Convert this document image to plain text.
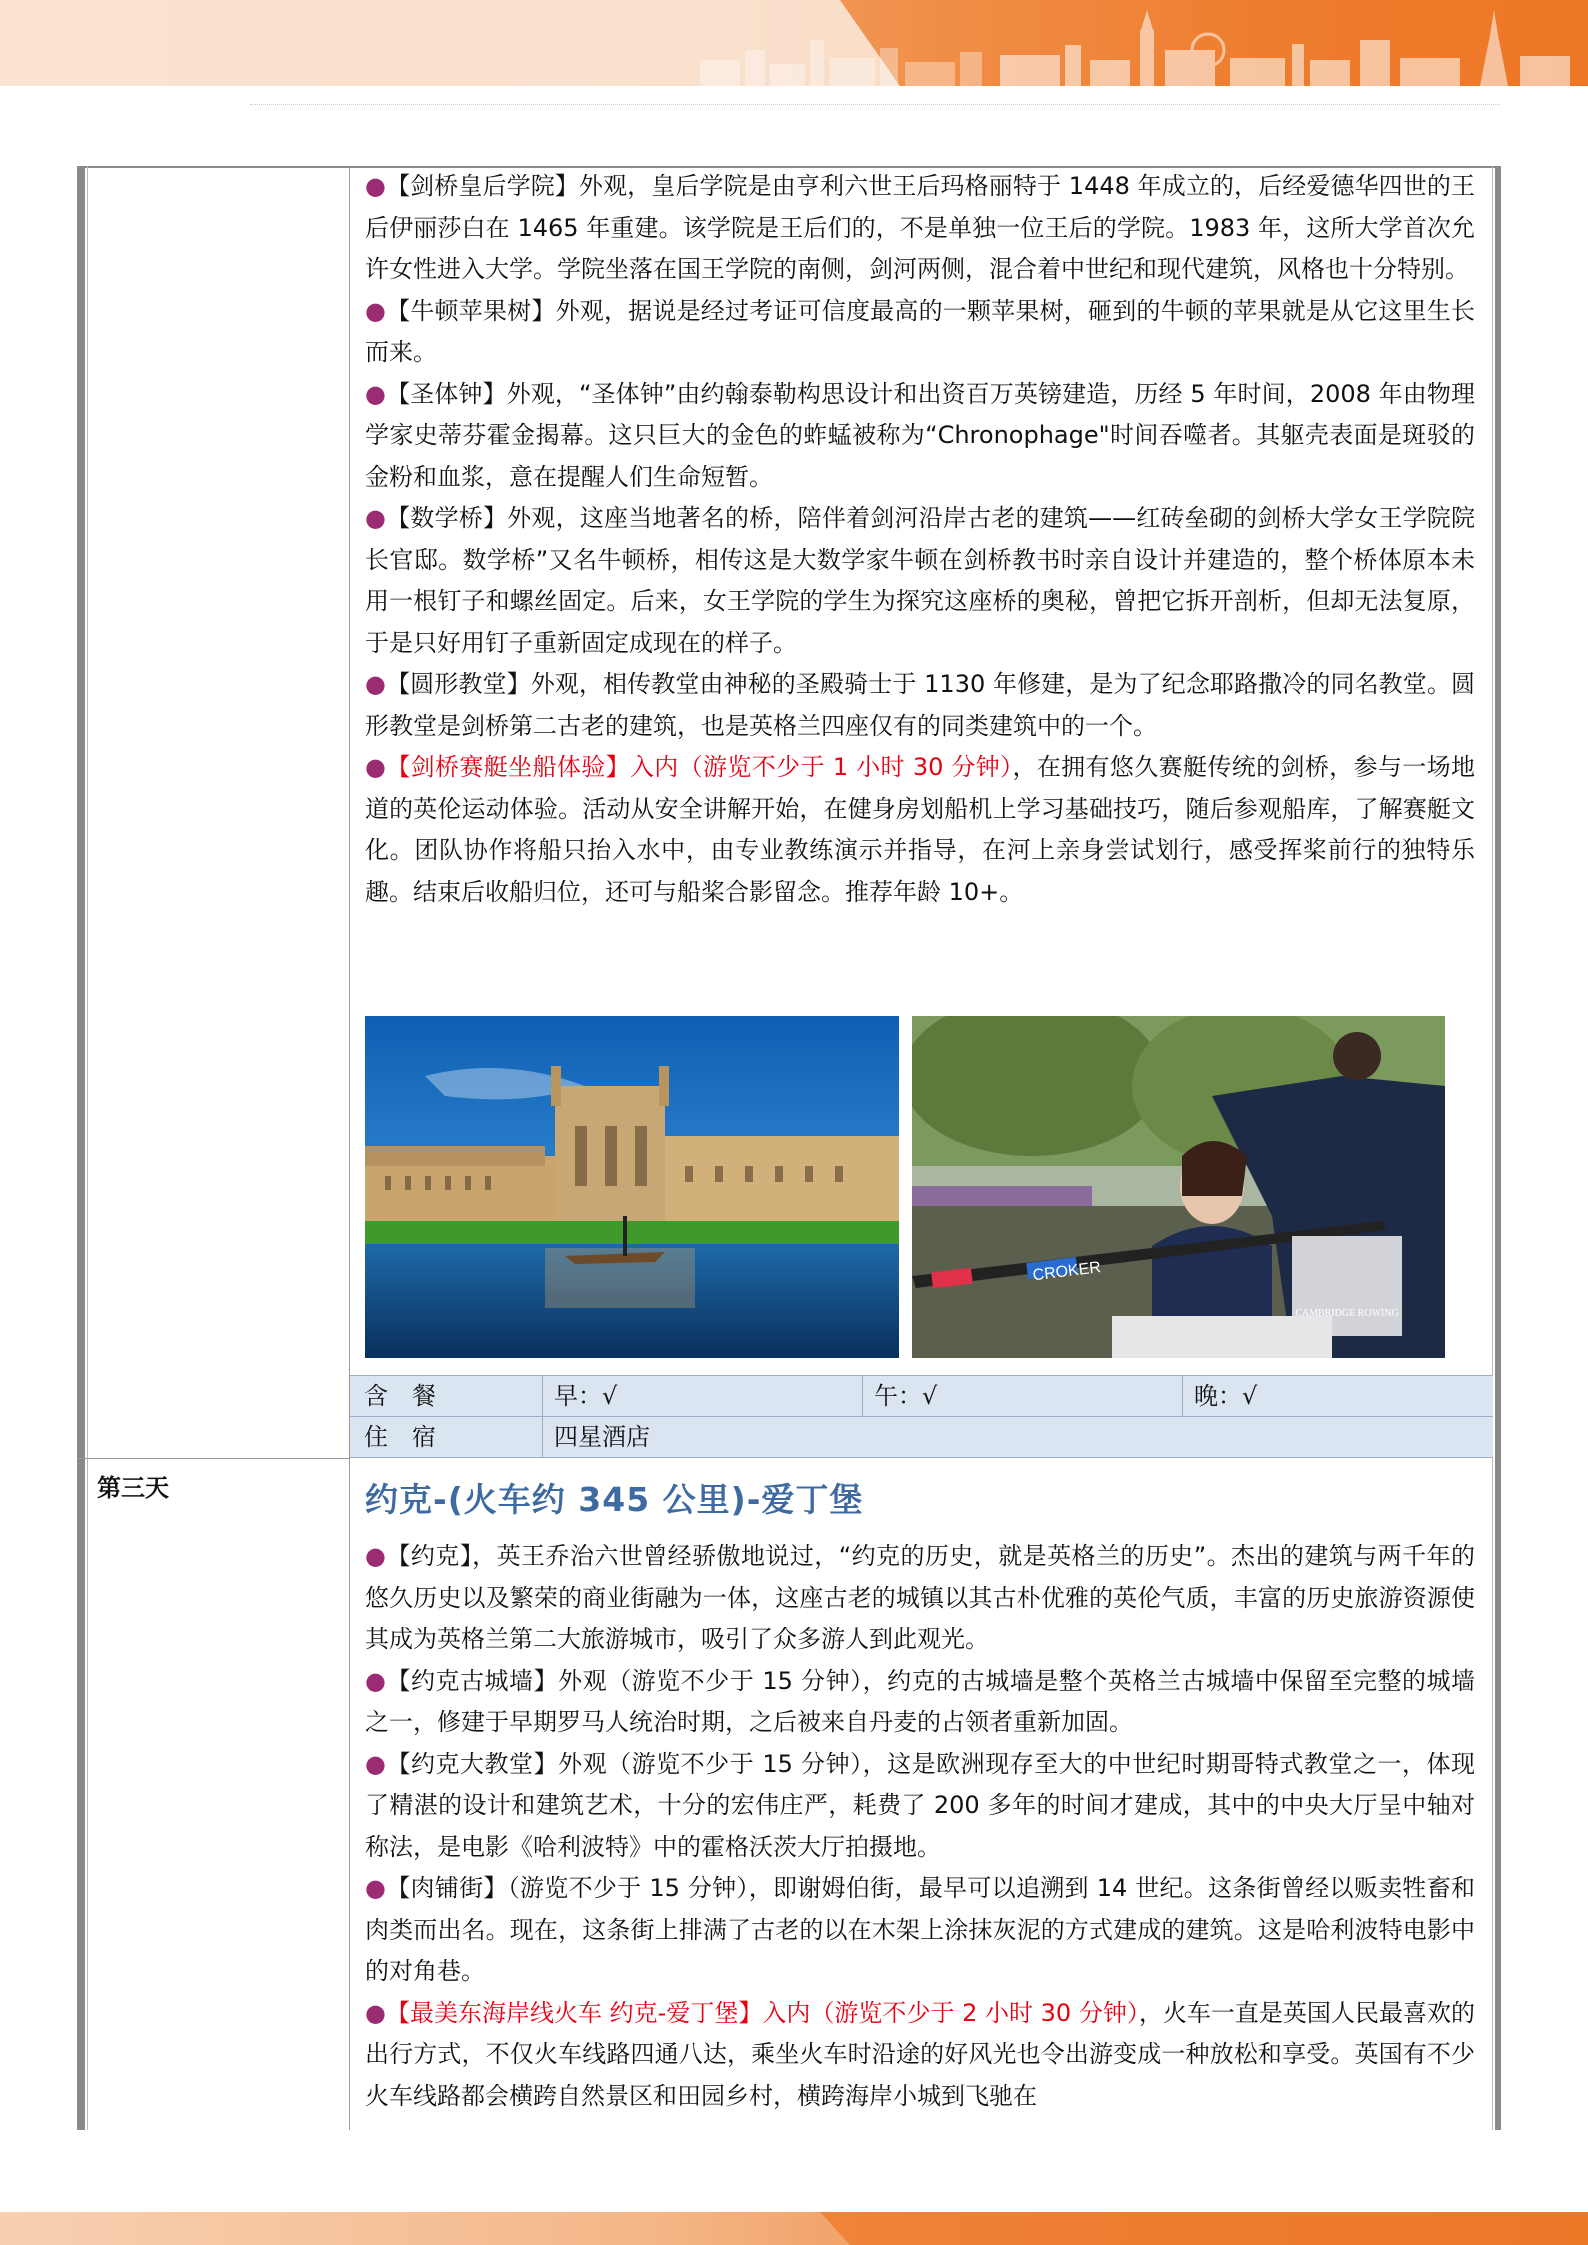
●【剑桥皇后学院】外观，皇后学院是由亨利六世王后玛格丽特于 1448 年成立的，后经爱德华四世的王后伊丽莎白在 1465 年重建。该学院是王后们的，不是单独一位王后的学院。1983 年，这所大学首次允许女性进入大学。学院坐落在国王学院的南侧，剑河两侧，混合着中世纪和现代建筑，风格也十分特别。

●【牛顿苹果树】外观，据说是经过考证可信度最高的一颗苹果树，砸到的牛顿的苹果就是从它这里生长而来。

●【圣体钟】外观，“圣体钟”由约翰泰勒构思设计和出资百万英镑建造，历经 5 年时间，2008 年由物理学家史蒂芬霍金揭幕。这只巨大的金色的蚱蜢被称为“Chronophage"时间吞噬者。其躯壳表面是斑驳的金粉和血浆，意在提醒人们生命短暂。

●【数学桥】外观，这座当地著名的桥，陪伴着剑河沿岸古老的建筑——红砖垒砌的剑桥大学女王学院院长官邸。数学桥”又名牛顿桥，相传这是大数学家牛顿在剑桥教书时亲自设计并建造的，整个桥体原本未用一根钉子和螺丝固定。后来，女王学院的学生为探究这座桥的奥秘，曾把它拆开剖析，但却无法复原，于是只好用钉子重新固定成现在的样子。

●【圆形教堂】外观，相传教堂由神秘的圣殿骑士于 1130 年修建，是为了纪念耶路撒冷的同名教堂。圆形教堂是剑桥第二古老的建筑，也是英格兰四座仅有的同类建筑中的一个。

●【剑桥赛艇坐船体验】入内（游览不少于 1 小时 30 分钟），在拥有悠久赛艇传统的剑桥，参与一场地道的英伦运动体验。活动从安全讲解开始，在健身房划船机上学习基础技巧，随后参观船库，了解赛艇文化。团队协作将船只抬入水中，由专业教练演示并指导，在河上亲身尝试划行，感受挥桨前行的独特乐趣。结束后收船归位，还可与船桨合影留念。推荐年龄 10+。

CROKER
CAMBRIDGE ROWING
含　餐	早：√	午：√	晚：√
住　宿	四星酒店
第三天	约克-(火车约 345 公里)-爱丁堡

●【约克】，英王乔治六世曾经骄傲地说过，“约克的历史，就是英格兰的历史”。杰出的建筑与两千年的悠久历史以及繁荣的商业街融为一体，这座古老的城镇以其古朴优雅的英伦气质，丰富的历史旅游资源使其成为英格兰第二大旅游城市，吸引了众多游人到此观光。

●【约克古城墙】外观（游览不少于 15 分钟），约克的古城墙是整个英格兰古城墙中保留至完整的城墙之一，修建于早期罗马人统治时期，之后被来自丹麦的占领者重新加固。

●【约克大教堂】外观（游览不少于 15 分钟），这是欧洲现存至大的中世纪时期哥特式教堂之一，体现了精湛的设计和建筑艺术，十分的宏伟庄严，耗费了 200 多年的时间才建成，其中的中央大厅呈中轴对称法，是电影《哈利波特》中的霍格沃茨大厅拍摄地。

●【肉铺街】（游览不少于 15 分钟），即谢姆伯街，最早可以追溯到 14 世纪。这条街曾经以贩卖牲畜和肉类而出名。现在，这条街上排满了古老的以在木架上涂抹灰泥的方式建成的建筑。这是哈利波特电影中的对角巷。

●【最美东海岸线火车 约克-爱丁堡】入内（游览不少于 2 小时 30 分钟），火车一直是英国人民最喜欢的出行方式，不仅火车线路四通八达，乘坐火车时沿途的好风光也令出游变成一种放松和享受。英国有不少火车线路都会横跨自然景区和田园乡村，横跨海岸小城到飞驰在
